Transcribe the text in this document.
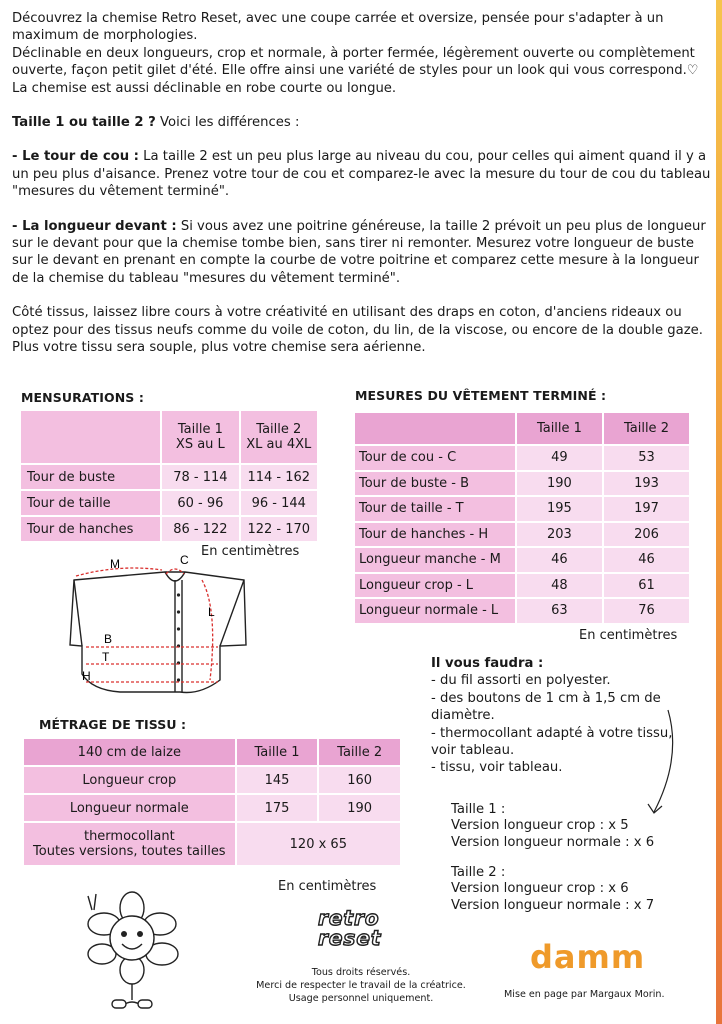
Découvrez la chemise Retro Reset, avec une coupe carrée et oversize, pensée pour s'adapter à un maximum de morphologies.

Déclinable en deux longueurs, crop et normale, à porter fermée, légèrement ouverte ou complètement ouverte, façon petit gilet d'été. Elle offre ainsi une variété de styles pour un look qui vous correspond.♡

La chemise est aussi déclinable en robe courte ou longue.

Taille 1 ou taille 2 ? Voici les différences :

- Le tour de cou : La taille 2 est un peu plus large au niveau du cou, pour celles qui aiment quand il y a un peu plus d'aisance. Prenez votre tour de cou et comparez-le avec la mesure du tour de cou du tableau "mesures du vêtement terminé".

- La longueur devant : Si vous avez une poitrine généreuse, la taille 2 prévoit un peu plus de longueur sur le devant pour que la chemise tombe bien, sans tirer ni remonter. Mesurez votre longueur de buste sur le devant en prenant en compte la courbe de votre poitrine et comparez cette mesure à la longueur de la chemise du tableau "mesures du vêtement terminé".

Côté tissus, laissez libre cours à votre créativité en utilisant des draps en coton, d'anciens rideaux ou optez pour des tissus neufs comme du voile de coton, du lin, de la viscose, ou encore de la double gaze. Plus votre tissu sera souple, plus votre chemise sera aérienne.

MENSURATIONS :
	Taille 1
XS au L	Taille 2
XL au 4XL
Tour de buste	78 - 114	114 - 162
Tour de taille	60 - 96	96 - 144
Tour de hanches	86 - 122	122 - 170
En centimètres
MESURES DU VÊTEMENT TERMINÉ :
	Taille 1	Taille 2
Tour de cou - C	49	53
Tour de buste - B	190	193
Tour de taille - T	195	197
Tour de hanches - H	203	206
Longueur manche - M	46	46
Longueur crop - L	48	61
Longueur normale - L	63	76
En centimètres
M	C
L
B
T
H
MÉTRAGE DE TISSU :
140 cm de laize	Taille 1	Taille 2
Longueur crop	145	160
Longueur normale	175	190
thermocollant
Toutes versions, toutes tailles	120 x 65	
En centimètres
Il vous faudra :
- du fil assorti en polyester.
- des boutons de 1 cm à 1,5 cm de diamètre.
- thermocollant adapté à votre tissu, voir tableau.
- tissu, voir tableau.
Taille 1 :
Version longueur crop : x 5
Version longueur normale : x 6
Taille 2 :
Version longueur crop : x 6
Version longueur normale : x 7
retro
reset
Tous droits réservés.
Merci de respecter le travail de la créatrice.
Usage personnel uniquement.
damm
Mise en page par Margaux Morin.
